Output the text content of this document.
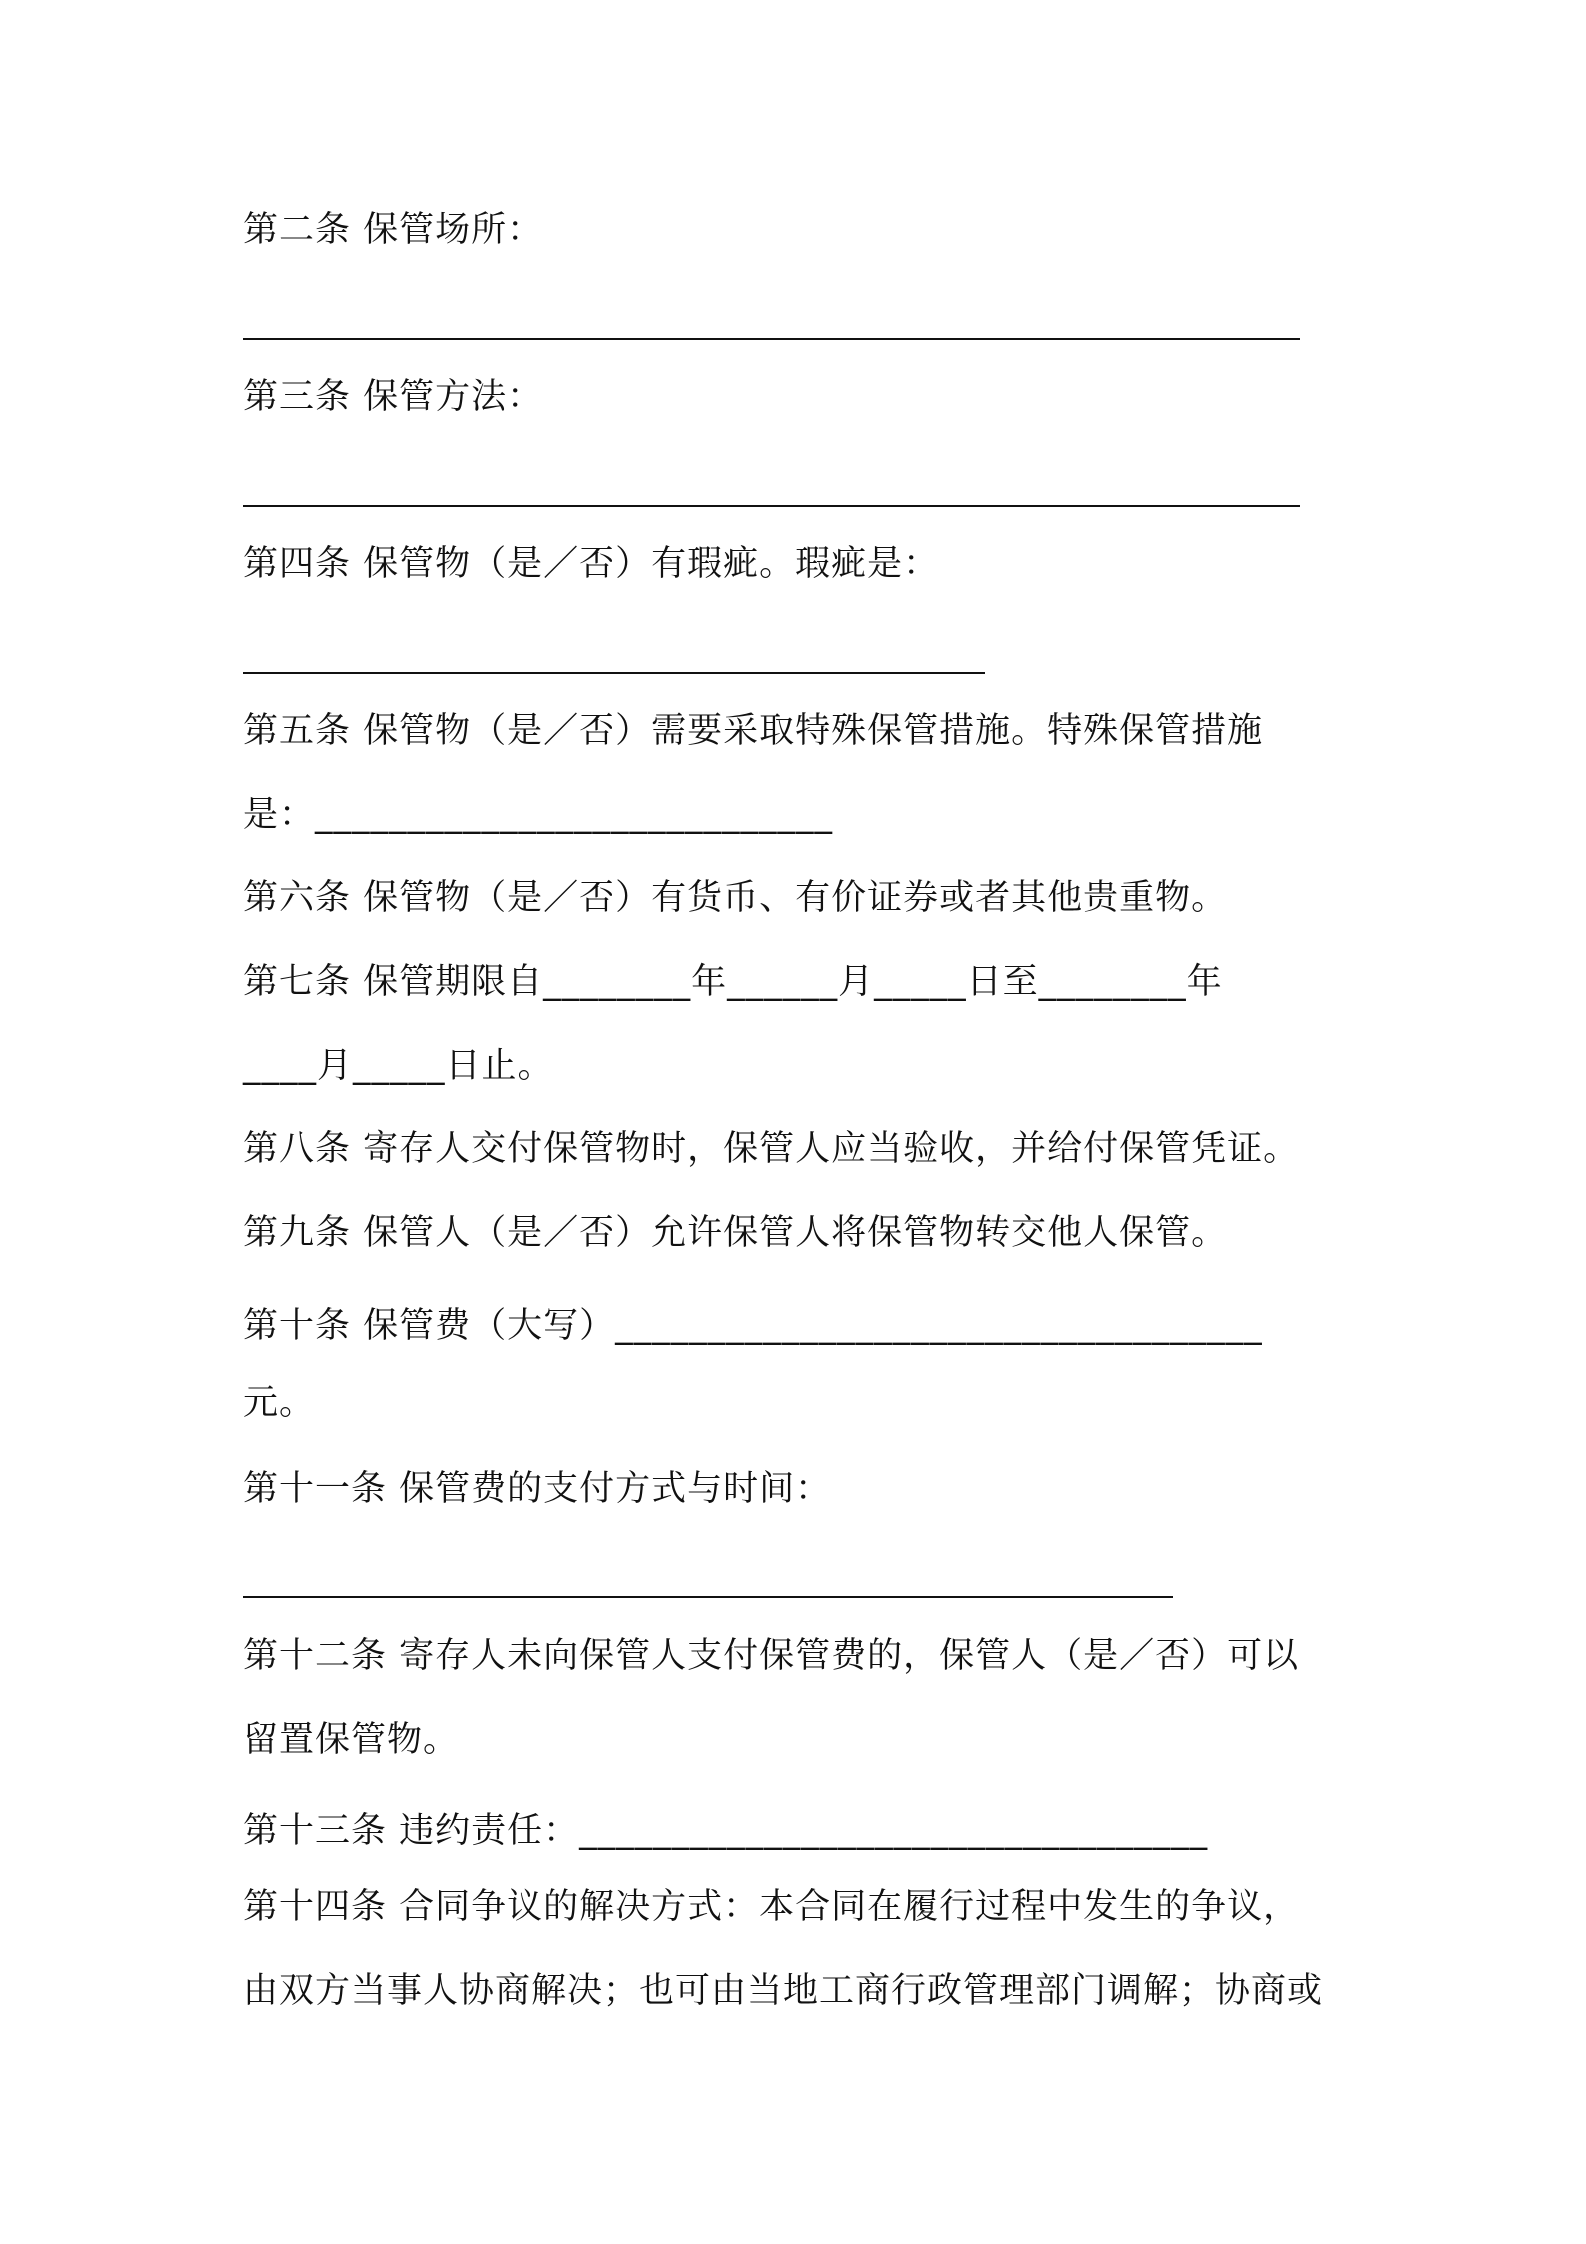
第二条 保管场所：
第三条 保管方法：
第四条 保管物（是／否）有瑕疵。瑕疵是：
第五条 保管物（是／否）需要采取特殊保管措施。特殊保管措施
是：____________________________
第六条 保管物（是／否）有货币、有价证券或者其他贵重物。
第七条 保管期限自________年______月_____日至________年
____月_____日止。
第八条 寄存人交付保管物时，保管人应当验收，并给付保管凭证。
第九条 保管人（是／否）允许保管人将保管物转交他人保管。
第十条 保管费（大写）___________________________________
元。
第十一条 保管费的支付方式与时间：
第十二条 寄存人未向保管人支付保管费的，保管人（是／否）可以
留置保管物。
第十三条 违约责任：__________________________________
第十四条 合同争议的解决方式：本合同在履行过程中发生的争议，
由双方当事人协商解决；也可由当地工商行政管理部门调解；协商或
